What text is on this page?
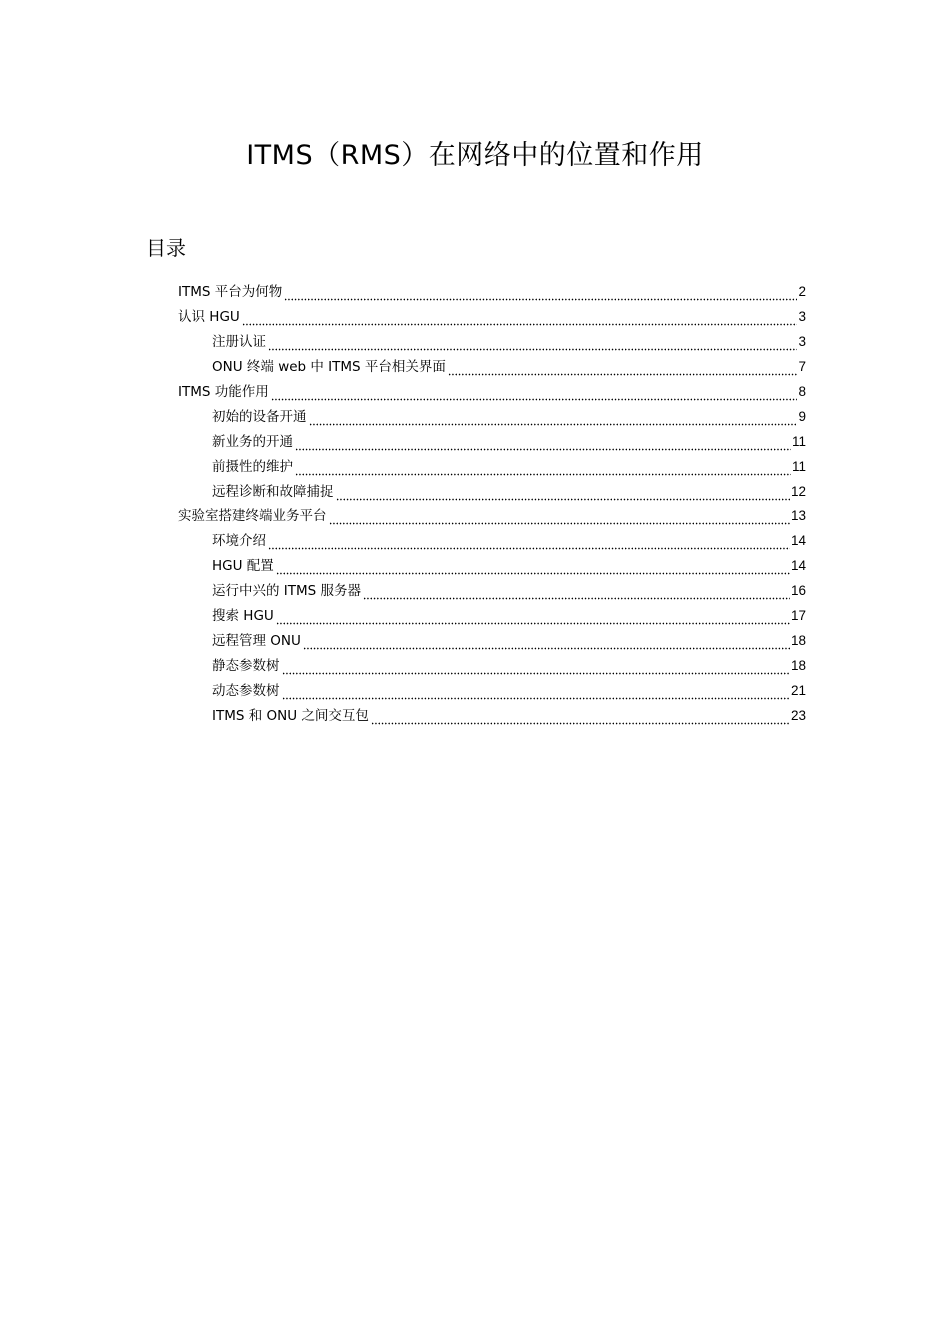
ITMS（RMS）在网络中的位置和作用
目录
ITMS 平台为何物	2
认识 HGU	3
注册认证	3
ONU 终端 web 中 ITMS 平台相关界面	7
ITMS 功能作用	8
初始的设备开通	9
新业务的开通	11
前摄性的维护	11
远程诊断和故障捕捉	12
实验室搭建终端业务平台	13
环境介绍	14
HGU 配置	14
运行中兴的 ITMS 服务器	16
搜索 HGU	17
远程管理 ONU	18
静态参数树	18
动态参数树	21
ITMS 和 ONU 之间交互包	23
